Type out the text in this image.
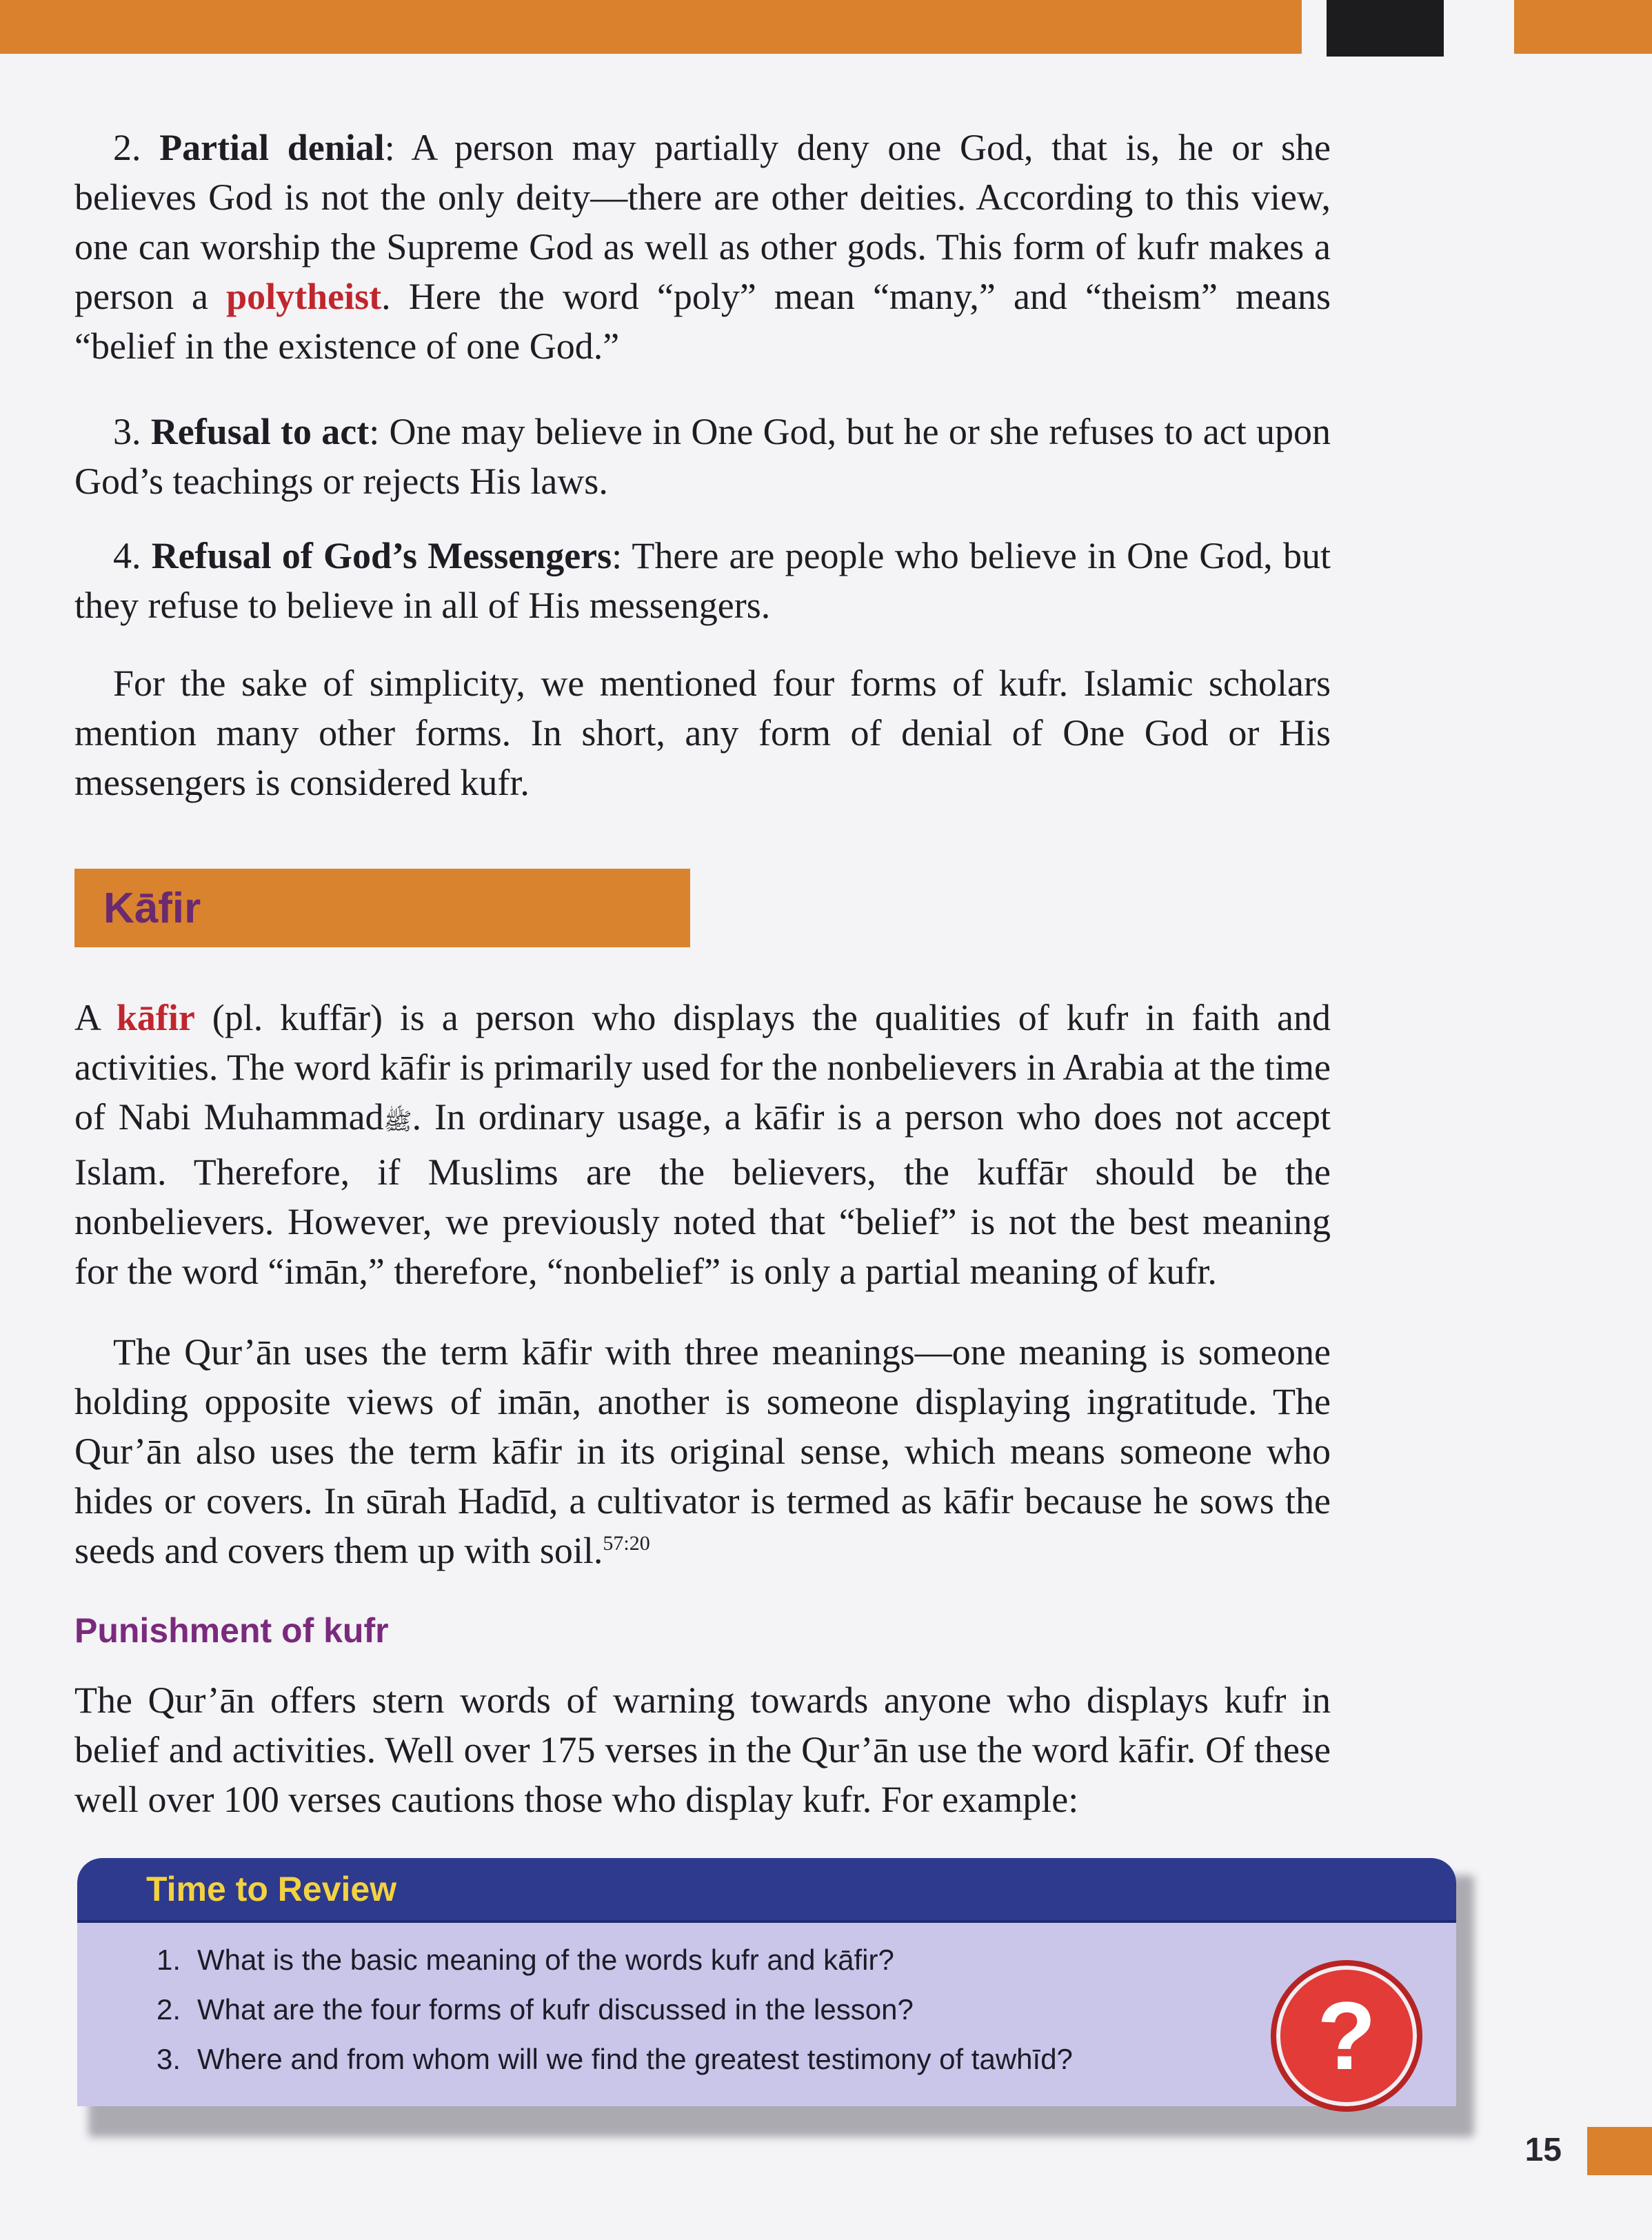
2. Partial denial: A person may partially deny one God, that is, he or she believes God is not the only deity—there are other deities. According to this view, one can worship the Supreme God as well as other gods. This form of kufr makes a person a polytheist. Here the word “poly” mean “many,” and “theism” means “belief in the existence of one God.”

3. Refusal to act: One may believe in One God, but he or she refuses to act upon God’s teachings or rejects His laws.

4. Refusal of God’s Messengers: There are people who believe in One God, but they refuse to believe in all of His messengers.

For the sake of simplicity, we mentioned four forms of kufr. Islamic scholars mention many other forms. In short, any form of denial of One God or His messengers is considered kufr.

Kāfir

A kāfir (pl. kuffār) is a person who displays the qualities of kufr in faith and activities. The word kāfir is primarily used for the nonbelievers in Arabia at the time of Nabi Muhammadﷺ. In ordinary usage, a kāfir is a person who does not accept Islam. Therefore, if Muslims are the believers, the kuffār should be the nonbelievers. However, we previously noted that “belief” is not the best meaning for the word “imān,” therefore, “nonbelief” is only a partial meaning of kufr.

The Qur’ān uses the term kāfir with three meanings—one meaning is someone holding opposite views of imān, another is someone displaying ingratitude. The Qur’ān also uses the term kāfir in its original sense, which means someone who hides or covers. In sūrah Hadīd, a cultivator is termed as kāfir because he sows the seeds and covers them up with soil.$^{57:20}$

Punishment of kufr

The Qur’ān offers stern words of warning towards anyone who displays kufr in belief and activities. Well over 175 verses in the Qur’ān use the word kāfir. Of these well over 100 verses cautions those who display kufr. For example:

Time to Review
1. What is the basic meaning of the words kufr and kāfir?
2. What are the four forms of kufr discussed in the lesson?
3. Where and from whom will we find the greatest testimony of tawhīd?	?
15
